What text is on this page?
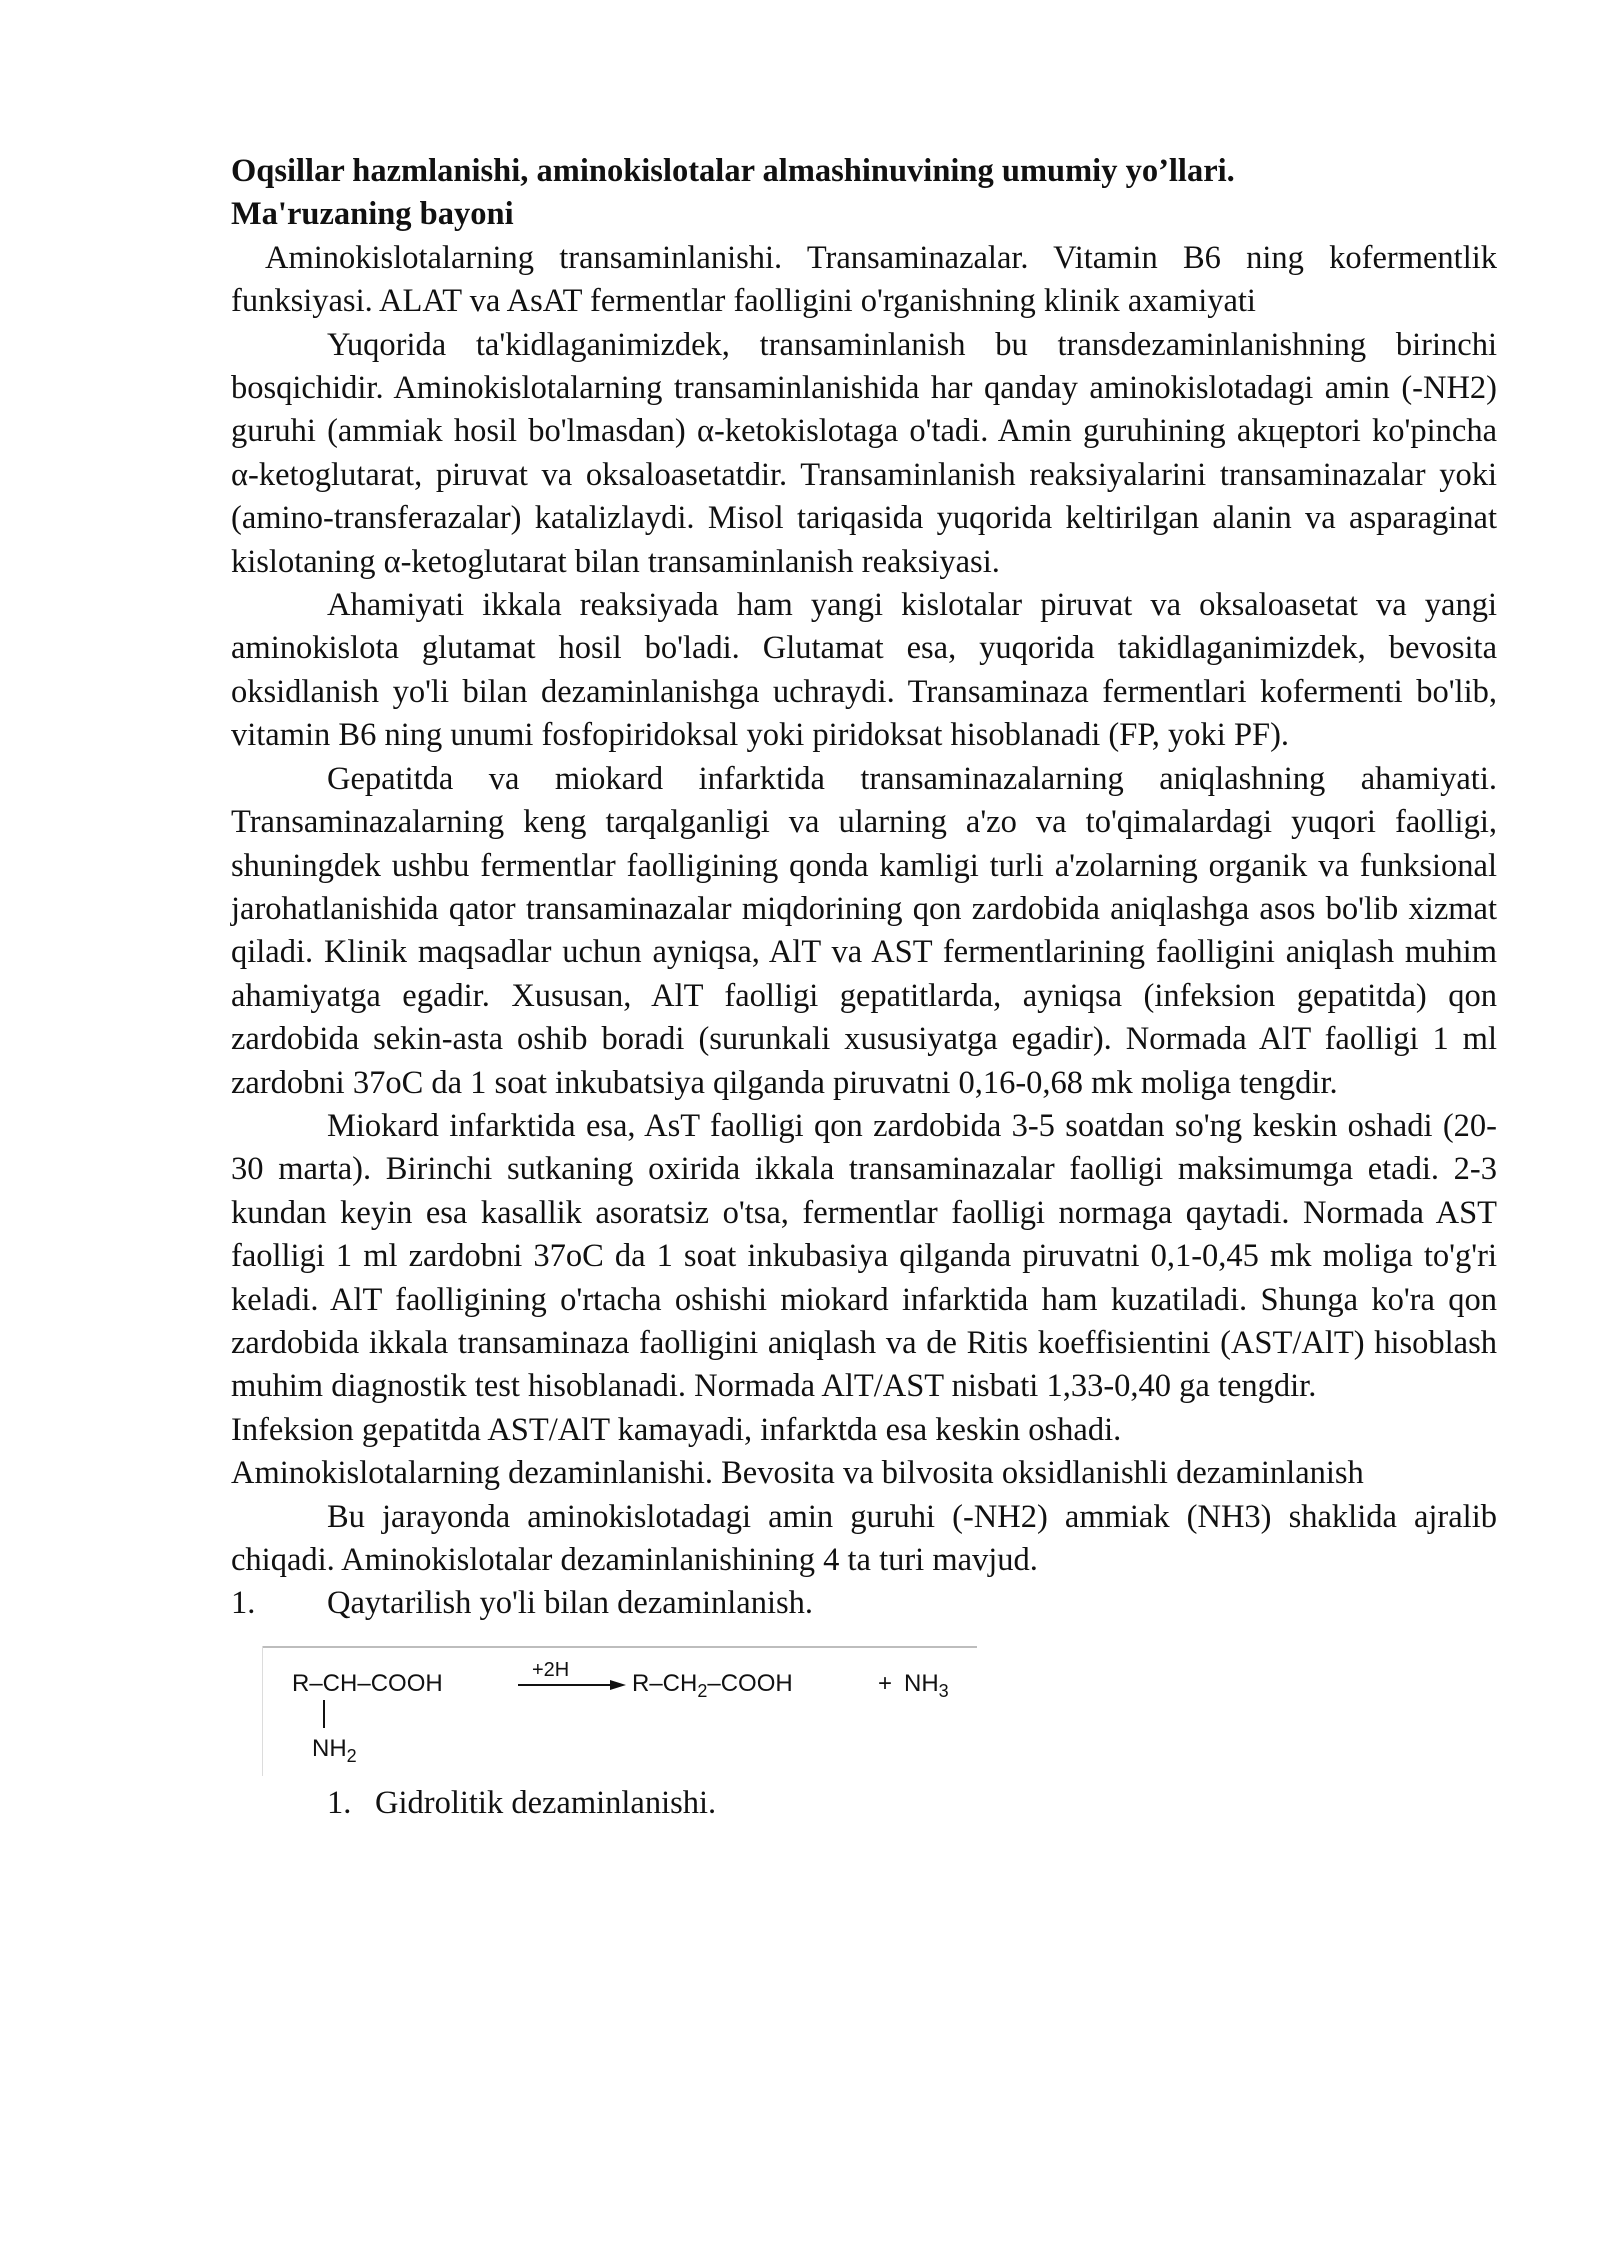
Oqsillar hazmlanishi, aminokislotalar almashinuvining umumiy yo’llari.

Ma'ruzaning bayoni

Aminokislotalarning transaminlanishi. Transaminazalar. Vitamin B6 ning kofermentlik funksiyasi. ALAT va AsAT fermentlar faolligini o'rganishning klinik axamiyati

Yuqorida ta'kidlaganimizdek, transaminlanish bu transdezaminlanishning birinchi bosqichidir. Aminokislotalarning transaminlanishida har qanday aminokislotadagi amin (-NH2) guruhi (ammiak hosil bo'lmasdan) α-ketokislotaga o'tadi. Amin guruhining akцeptori ko'pincha α-ketoglutarat, piruvat va oksaloasetatdir. Transaminlanish reaksiyalarini transaminazalar yoki (amino-transferazalar) katalizlaydi. Misol tariqasida yuqorida keltirilgan alanin va asparaginat kislotaning α-ketoglutarat bilan transaminlanish reaksiyasi.

Ahamiyati ikkala reaksiyada ham yangi kislotalar piruvat va oksaloasetat va yangi aminokislota glutamat hosil bo'ladi. Glutamat esa, yuqorida takidlaganimizdek, bevosita oksidlanish yo'li bilan dezaminlanishga uchraydi. Transaminaza fermentlari kofermenti bo'lib, vitamin B6 ning unumi fosfopiridoksal yoki piridoksat hisoblanadi (FP, yoki PF).

Gepatitda va miokard infarktida transaminazalarning aniqlashning ahamiyati. Transaminazalarning keng tarqalganligi va ularning a'zo va to'qimalardagi yuqori faolligi, shuningdek ushbu fermentlar faolligining qonda kamligi turli a'zolarning organik va funksional jarohatlanishida qator transaminazalar miqdorining qon zardobida aniqlashga asos bo'lib xizmat qiladi. Klinik maqsadlar uchun ayniqsa, AlT va AST fermentlarining faolligini aniqlash muhim ahamiyatga egadir. Xususan, AlT faolligi gepatitlarda, ayniqsa (infeksion gepatitda) qon zardobida sekin-asta oshib boradi (surunkali xususiyatga egadir). Normada AlT faolligi 1 ml zardobni 37oC da 1 soat inkubatsiya qilganda piruvatni 0,16-0,68 mk moliga tengdir.

Miokard infarktida esa, AsT faolligi qon zardobida 3-5 soatdan so'ng keskin oshadi (20-30 marta). Birinchi sutkaning oxirida ikkala transaminazalar faolligi maksimumga etadi. 2-3 kundan keyin esa kasallik asoratsiz o'tsa, fermentlar faolligi normaga qaytadi. Normada AST faolligi 1 ml zardobni 37oC da 1 soat inkubasiya qilganda piruvatni 0,1-0,45 mk moliga to'g'ri keladi. AlT faolligining o'rtacha oshishi miokard infarktida ham kuzatiladi. Shunga ko'ra qon zardobida ikkala transaminaza faolligini aniqlash va de Ritis koeffisientini (AST/AlT) hisoblash muhim diagnostik test hisoblanadi. Normada AlT/AST nisbati 1,33-0,40 ga tengdir.

Infeksion gepatitda AST/AlT kamayadi, infarktda esa keskin oshadi.

Aminokislotalarning dezaminlanishi. Bevosita va bilvosita oksidlanishli dezaminlanish

Bu jarayonda aminokislotadagi amin guruhi (-NH2) ammiak (NH3) shaklida ajralib chiqadi. Aminokislotalar dezaminlanishining 4 ta turi mavjud.

1.	Qaytarilish yo'li bilan dezaminlanish.
R–CH–COOH
$NH_2$
+2H	$R-CH_2$–COOH	+ $NH_3$
1. Gidrolitik dezaminlanishi.
